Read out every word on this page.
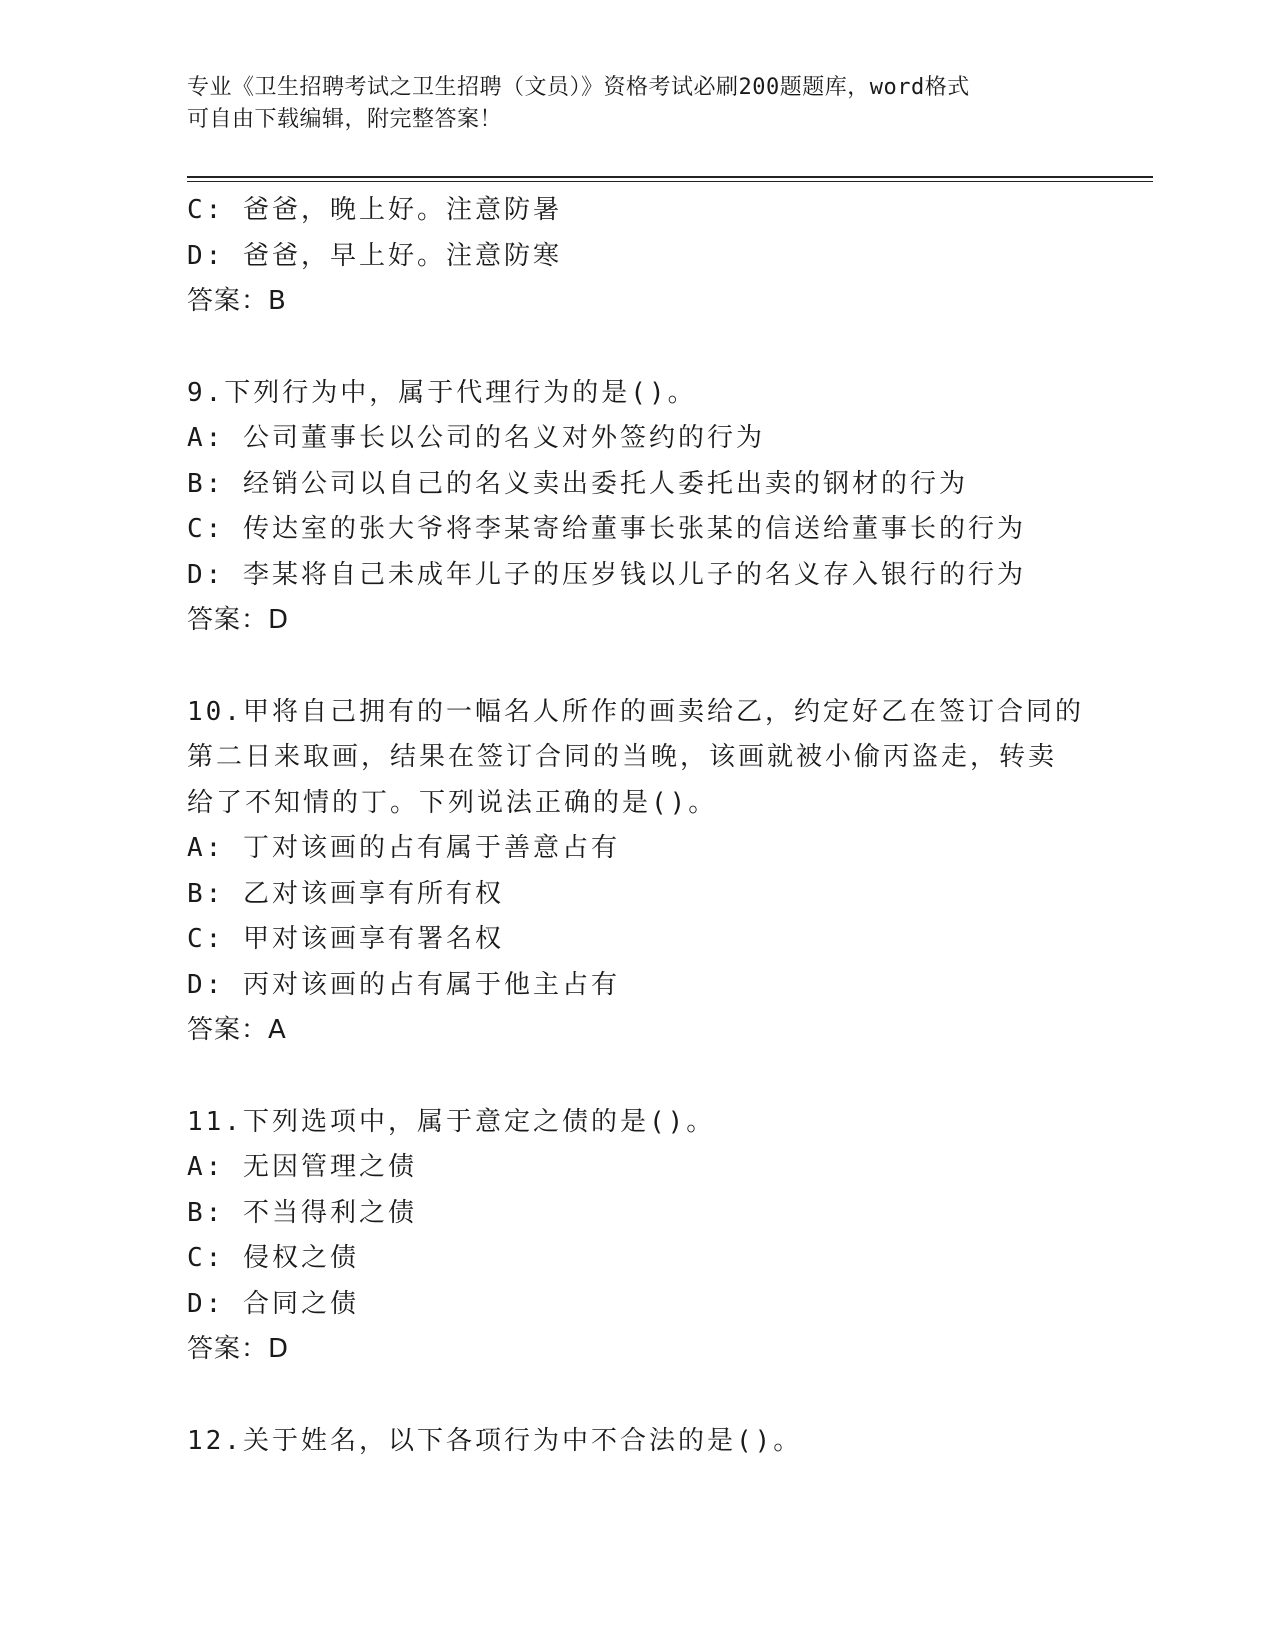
专业《卫生招聘考试之卫生招聘（文员）》资格考试必刷200题题库，word格式
可自由下载编辑，附完整答案！
C: 爸爸，晚上好。注意防暑
D: 爸爸，早上好。注意防寒
答案：B
9.下列行为中，属于代理行为的是()。
A: 公司董事长以公司的名义对外签约的行为
B: 经销公司以自己的名义卖出委托人委托出卖的钢材的行为
C: 传达室的张大爷将李某寄给董事长张某的信送给董事长的行为
D: 李某将自己未成年儿子的压岁钱以儿子的名义存入银行的行为
答案：D
10.甲将自己拥有的一幅名人所作的画卖给乙，约定好乙在签订合同的
第二日来取画，结果在签订合同的当晚，该画就被小偷丙盗走，转卖
给了不知情的丁。下列说法正确的是()。
A: 丁对该画的占有属于善意占有
B: 乙对该画享有所有权
C: 甲对该画享有署名权
D: 丙对该画的占有属于他主占有
答案：A
11.下列选项中，属于意定之债的是()。
A: 无因管理之债
B: 不当得利之债
C: 侵权之债
D: 合同之债
答案：D
12.关于姓名，以下各项行为中不合法的是()。
